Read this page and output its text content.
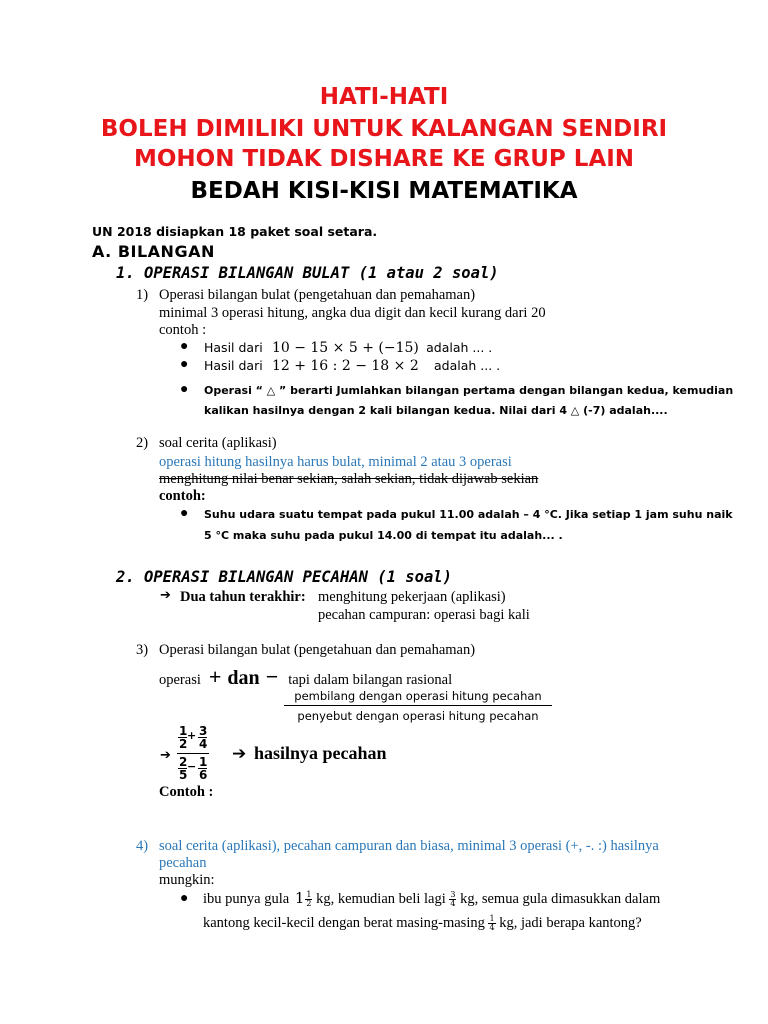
HATI-HATI
BOLEH DIMILIKI UNTUK KALANGAN SENDIRI
MOHON TIDAK DISHARE KE GRUP LAIN
BEDAH KISI-KISI MATEMATIKA
UN 2018 disiapkan 18 paket soal setara.
A. BILANGAN
1. OPERASI BILANGAN BULAT (1 atau 2 soal)
1) Operasi bilangan bulat (pengetahuan dan pemahaman)
minimal 3 operasi hitung, angka dua digit dan kecil kurang dari 20
contoh :
● Hasil dari 10 − 15 × 5 + (−15) adalah ... .
● Hasil dari 12 + 16 : 2 − 18 × 2 adalah ... .
● Operasi “ △ ” berarti Jumlahkan bilangan pertama dengan bilangan kedua, kemudian
kalikan hasilnya dengan 2 kali bilangan kedua. Nilai dari 4 △ (-7) adalah....
2) soal cerita (aplikasi)
operasi hitung hasilnya harus bulat, minimal 2 atau 3 operasi
menghitung nilai benar sekian, salah sekian, tidak dijawab sekian
contoh:
● Suhu udara suatu tempat pada pukul 11.00 adalah – 4 °C. Jika setiap 1 jam suhu naik
5 °C maka suhu pada pukul 14.00 di tempat itu adalah... .
2. OPERASI BILANGAN PECAHAN (1 soal)
➔ Dua tahun terakhir: menghitung pekerjaan (aplikasi)
pecahan campuran: operasi bagi kali
3) Operasi bilangan bulat (pengetahuan dan pemahaman)
operasi + dan − tapi dalam bilangan rasional
pembilang dengan operasi hitung pecahan
penyebut dengan operasi hitung pecahan
➔
1
2
+ 3
4
2
5
− 1
6
➔ hasilnya pecahan
Contoh :
4) soal cerita (aplikasi), pecahan campuran dan biasa, minimal 3 operasi (+, -. :) hasilnya
pecahan
mungkin:
● ibu punya gula $1 \frac{1}{2}$ kg, kemudian beli lagi $\frac{3}{4}$ kg, semua gula dimasukkan dalam
kantong kecil-kecil dengan berat $masing-masing \frac{1}{4}$ kg, jadi berapa kantong?
